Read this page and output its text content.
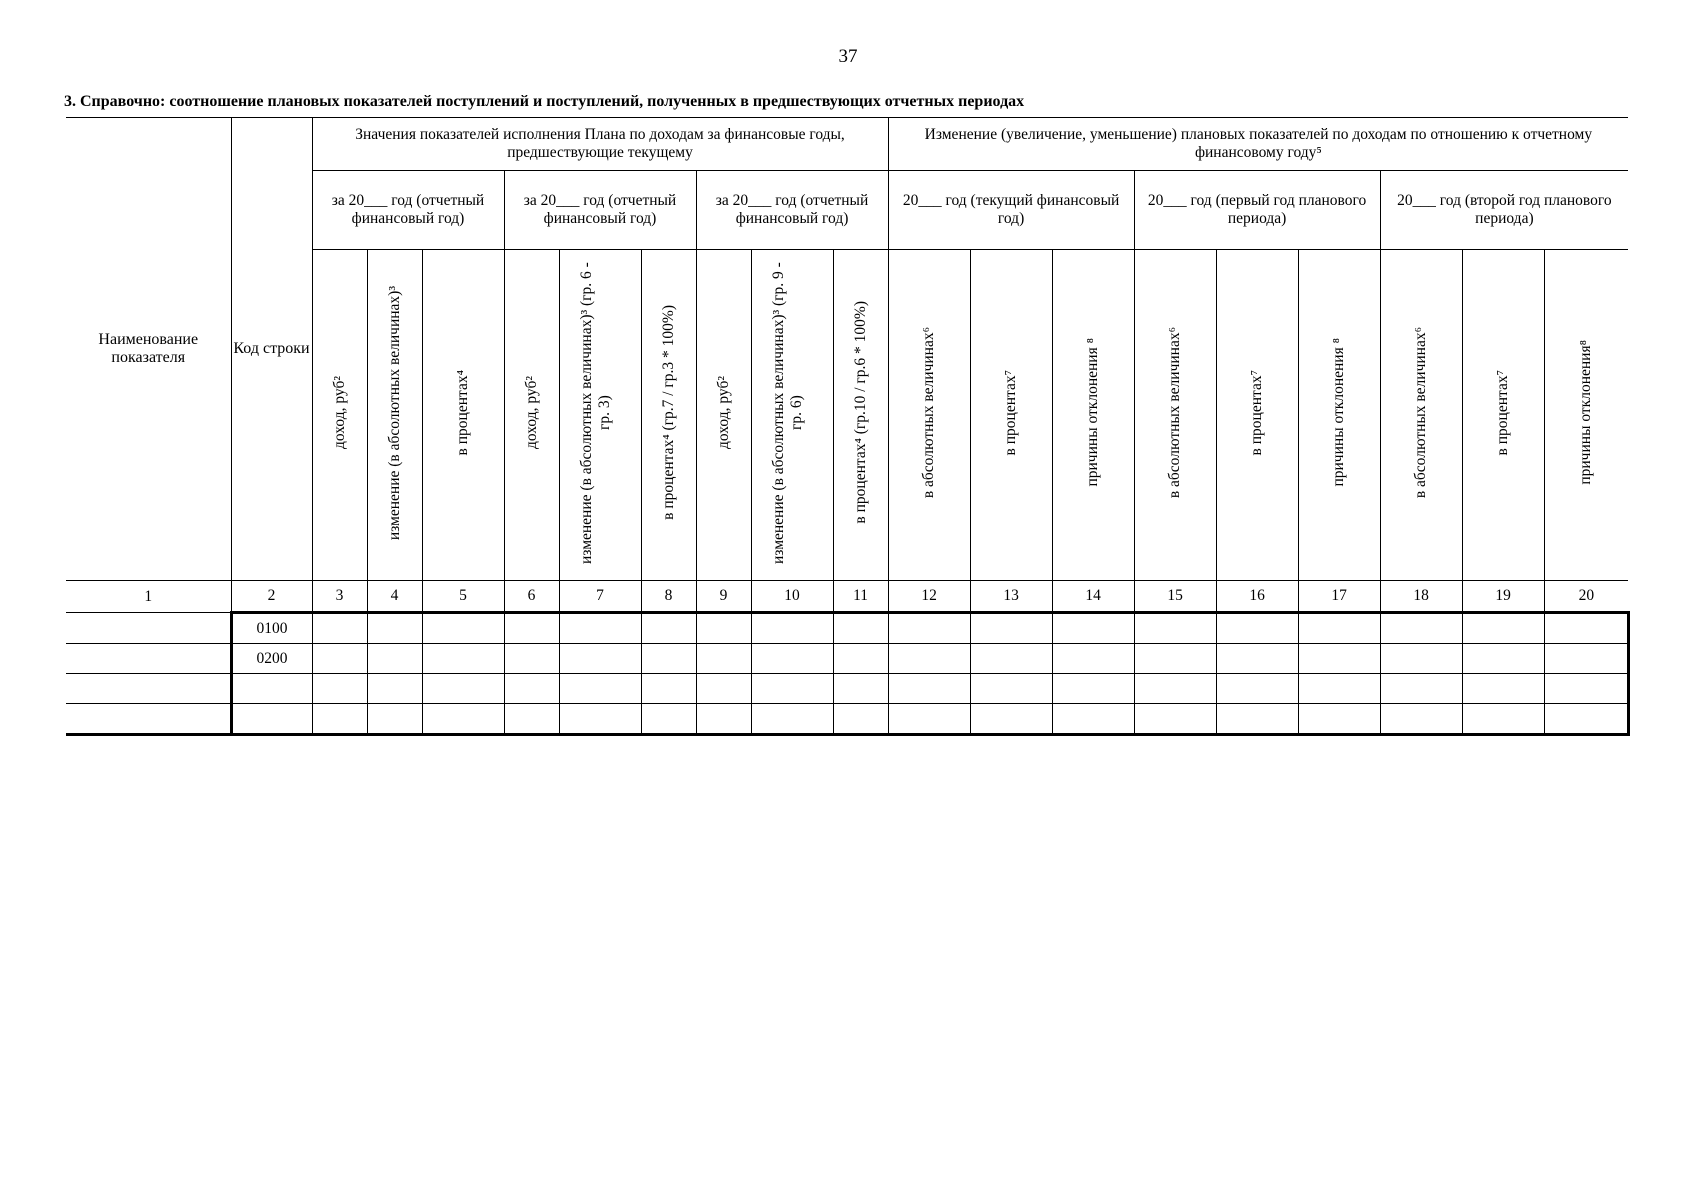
37
3. Справочно: соотношение плановых показателей поступлений и поступлений, полученных в предшествующих отчетных периодах
Наименование показателя	Код строки	Значения показателей исполнения Плана по доходам за финансовые годы, предшествующие текущему									Изменение (увеличение, уменьшение) плановых показателей по доходам по отношению к отчетному финансовому году⁵								
		за 20___ год (отчетный финансовый год)			за 20___ год (отчетный финансовый год)			за 20___ год (отчетный финансовый год)			20___ год (текущий финансовый год)			20___ год (первый год планового периода)			20___ год (второй год планового периода)		
		доход, руб²	изменение (в абсолютных величинах)³	в процентах⁴	доход, руб²	изменение (в абсолютных величинах)³ (гр. 6 - гр. 3)	в процентах⁴ (гр.7 / гр.3 * 100%)	доход, руб²	изменение (в абсолютных величинах)³ (гр. 9 - гр. 6)	в процентах⁴ (гр.10 / гр.6 * 100%)	в абсолютных величинах⁶	в процентах⁷	причины отклонения ⁸	в абсолютных величинах⁶	в процентах⁷	причины отклонения ⁸	в абсолютных величинах⁶	в процентах⁷	причины отклонения⁸
1	2	3	4	5	6	7	8	9	10	11	12	13	14	15	16	17	18	19	20
	0100																		
	0200																		
